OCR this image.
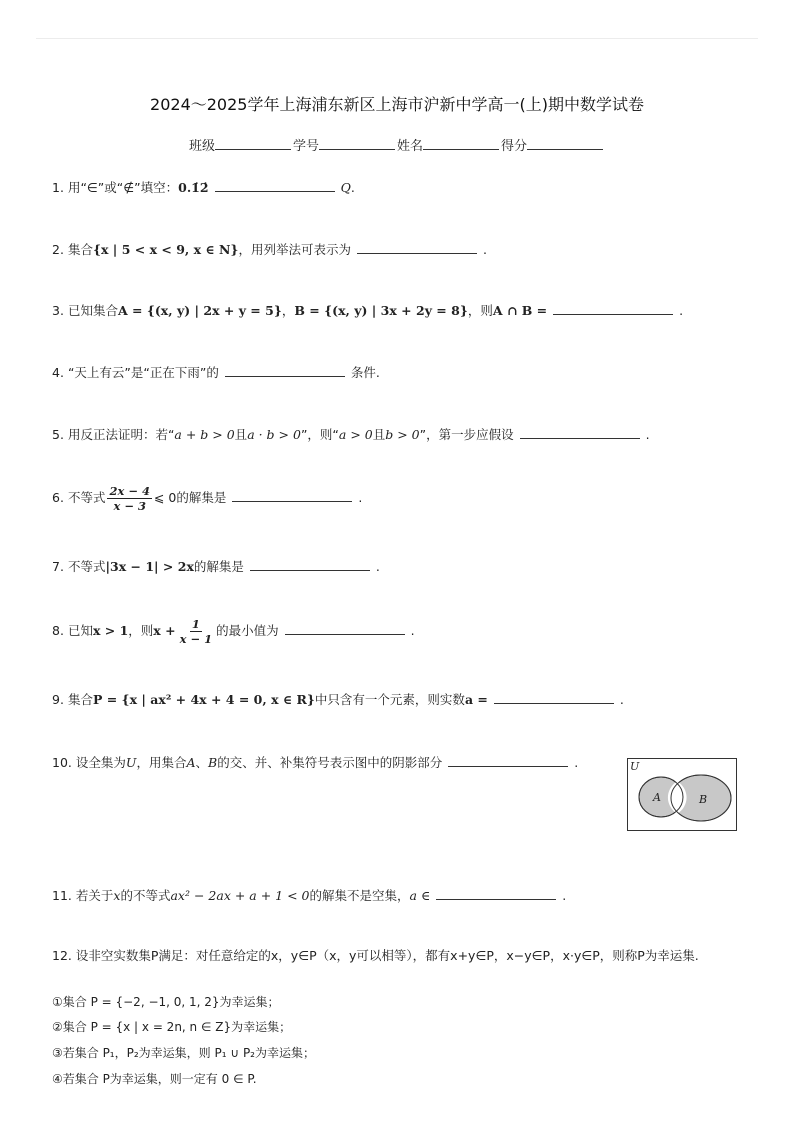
2024～2025学年上海浦东新区上海市沪新中学高一(上)期中数学试卷
班级	学号	姓名	得分
1. 用“∈”或“∉”填空：0.1̇2̇	Q.
2. 集合{x | 5 < x < 9, x ∈ N}，用列举法可表示为	.
3. 已知集合A = {(x, y) | 2x + y = 5}，B = {(x, y) | 3x + 2y = 8}，则A ∩ B =	.
4. “天上有云”是“正在下雨”的	条件.
5. 用反正法证明：若“a + b > 0且a · b > 0”，则“a > 0且b > 0”，第一步应假设	.
6. 不等式 $\frac{2x - 4}{x - 3}$ ⩽ 0的解集是	.
7. 不等式|3x − 1| > 2x的解集是	.
8. 已知x > 1，则$x + \frac{1}{x - 1}$ 的最小值为	.
9. 集合P = {x | ax² + 4x + 4 = 0, x ∈ R}中只含有一个元素，则实数a =	.
10. 设全集为U，用集合A、B的交、并、补集符号表示图中的阴影部分	.	U
A	B
11. 若关于x的不等式ax² − 2ax + a + 1 < 0的解集不是空集，a ∈	.
12. 设非空实数集P满足：对任意给定的x，y∈P（x，y可以相等），都有x+y∈P，x−y∈P，x·y∈P，则称P为幸运集.
①集合 P = {−2, −1, 0, 1, 2}为幸运集；
②集合 P = {x | x = 2n, n ∈ Z}为幸运集；
③若集合 P₁，P₂为幸运集，则 P₁ ∪ P₂为幸运集；
④若集合 P为幸运集，则一定有 0 ∈ P.
